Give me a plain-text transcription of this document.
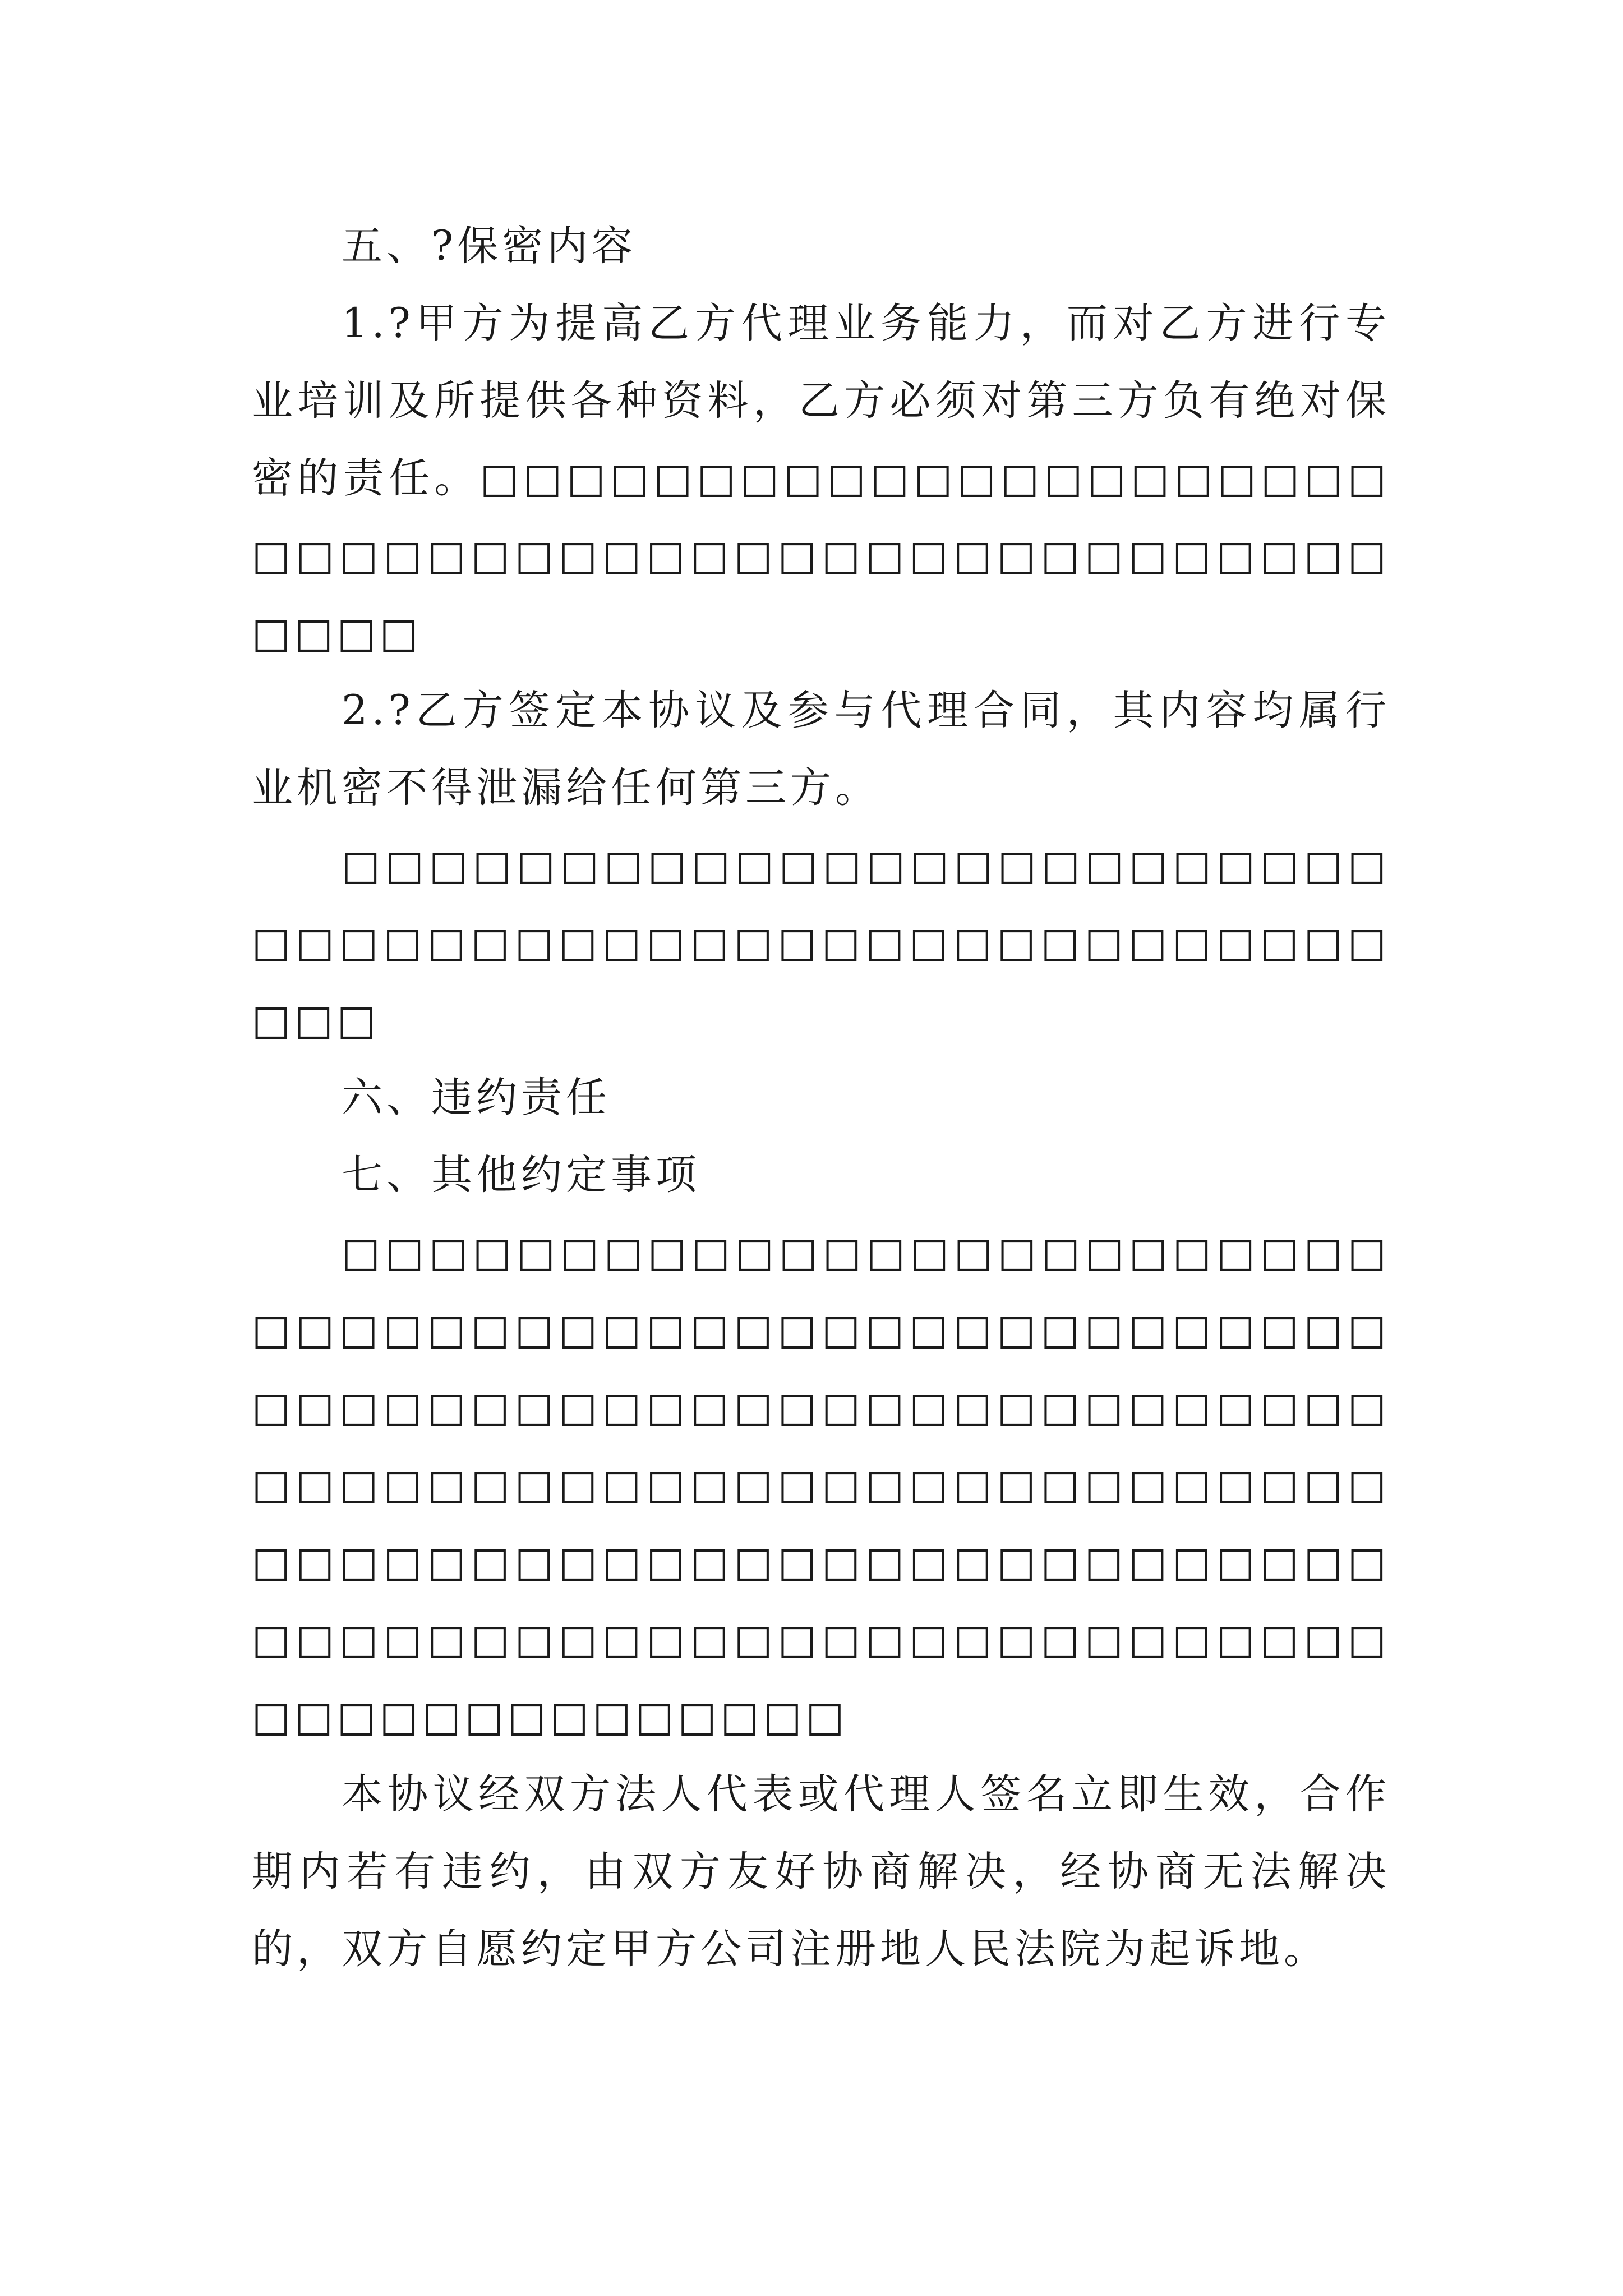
五、?保密内容

1.?甲方为提高乙方代理业务能力，而对乙方进行专业培训及所提供各种资料，乙方必须对第三方负有绝对保密的责任。□□□□□□□□□□□□□□□□□□□□□□□□□□□□□□□□□□□□□□□□□□□□□□□□□□□

2.?乙方签定本协议及参与代理合同，其内容均属行业机密不得泄漏给任何第三方。

□□□□□□□□□□□□□□□□□□□□□□□□□□□□□□□□□□□□□□□□□□□□□□□□□□□□□

六、违约责任

七、其他约定事项

□□□□□□□□□□□□□□□□□□□□□□□□□□□□□□□□□□□□□□□□□□□□□□□□□□□□□□□□□□□□□□□□□□□□□□□□□□□□□□□□□□□□□□□□□□□□□□□□□□□□□□□□□□□□□□□□□□□□□□□□□□□□□□□□□□□□□□□□□□□□□□□□□□□□□□□□□□□□□□□□□□□□□□□□

本协议经双方法人代表或代理人签名立即生效，合作期内若有违约，由双方友好协商解决，经协商无法解决的，双方自愿约定甲方公司注册地人民法院为起诉地。
